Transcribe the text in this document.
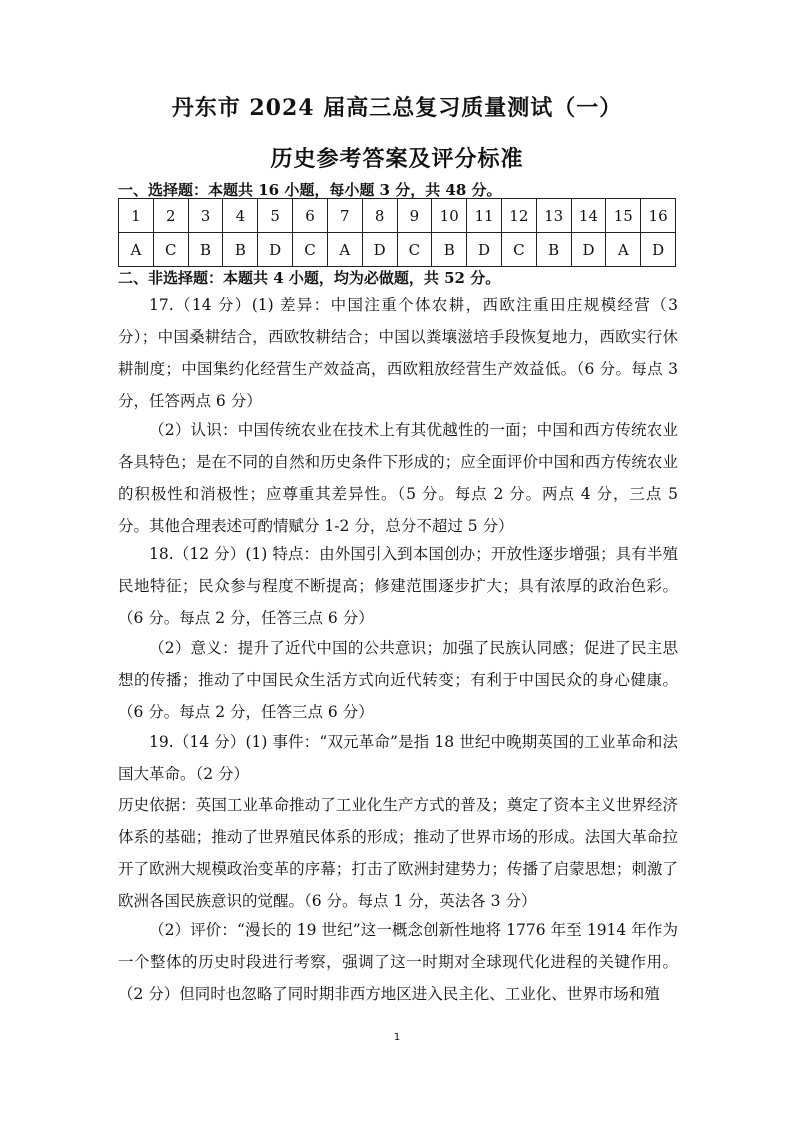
丹东市 2024 届高三总复习质量测试（一）
历史参考答案及评分标准
一、选择题：本题共 16 小题，每小题 3 分，共 48 分。
1	2	3	4	5	6	7	8	9	10	11	12	13	14	15	16
A	C	B	B	D	C	A	D	C	B	D	C	B	D	A	D
二、非选择题：本题共 4 小题，均为必做题，共 52 分。
17.（14 分）(1) 差异：中国注重个体农耕，西欧注重田庄规模经营（3 分）；中国桑耕结合，西欧牧耕结合；中国以粪壤滋培手段恢复地力，西欧实行休耕制度；中国集约化经营生产效益高，西欧粗放经营生产效益低。（6 分。每点 3 分，任答两点 6 分）
（2）认识：中国传统农业在技术上有其优越性的一面；中国和西方传统农业各具特色；是在不同的自然和历史条件下形成的；应全面评价中国和西方传统农业的积极性和消极性；应尊重其差异性。（5 分。每点 2 分。两点 4 分，三点 5 分。其他合理表述可酌情赋分 1-2 分，总分不超过 5 分）
18.（12 分）(1) 特点：由外国引入到本国创办；开放性逐步增强；具有半殖民地特征；民众参与程度不断提高；修建范围逐步扩大；具有浓厚的政治色彩。（6 分。每点 2 分，任答三点 6 分）
（2）意义：提升了近代中国的公共意识；加强了民族认同感；促进了民主思想的传播；推动了中国民众生活方式向近代转变；有利于中国民众的身心健康。（6 分。每点 2 分，任答三点 6 分）
19.（14 分）(1) 事件：“双元革命”是指 18 世纪中晚期英国的工业革命和法国大革命。（2 分）
历史依据：英国工业革命推动了工业化生产方式的普及；奠定了资本主义世界经济体系的基础；推动了世界殖民体系的形成；推动了世界市场的形成。法国大革命拉开了欧洲大规模政治变革的序幕；打击了欧洲封建势力；传播了启蒙思想；刺激了欧洲各国民族意识的觉醒。（6 分。每点 1 分，英法各 3 分）
（2）评价：“漫长的 19 世纪”这一概念创新性地将 1776 年至 1914 年作为一个整体的历史时段进行考察，强调了这一时期对全球现代化进程的关键作用。（2 分）但同时也忽略了同时期非西方地区进入民主化、工业化、世界市场和殖
1
